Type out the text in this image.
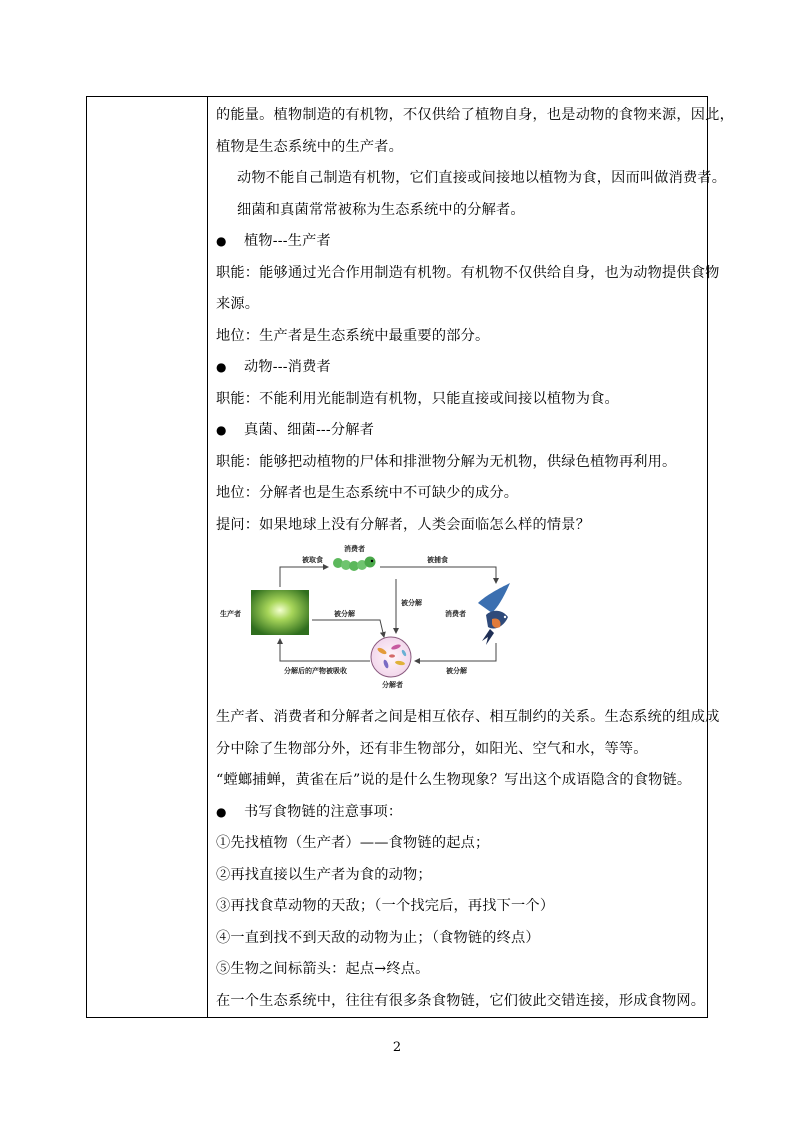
的能量。植物制造的有机物，不仅供给了植物自身，也是动物的食物来源，因此，
植物是生态系统中的生产者。
动物不能自己制造有机物，它们直接或间接地以植物为食，因而叫做消费者。
细菌和真菌常常被称为生态系统中的分解者。
● 植物---生产者
职能：能够通过光合作用制造有机物。有机物不仅供给自身，也为动物提供食物
来源。
地位：生产者是生态系统中最重要的部分。
● 动物---消费者
职能：不能利用光能制造有机物，只能直接或间接以植物为食。
● 真菌、细菌---分解者
职能：能够把动植物的尸体和排泄物分解为无机物，供绿色植物再利用。
地位：分解者也是生态系统中不可缺少的成分。
提问：如果地球上没有分解者，人类会面临怎么样的情景？
生产者
消费者
消费者
分解者
被取食	被捕食
被分解
被分解
被分解
分解后的产物被吸收
生产者、消费者和分解者之间是相互依存、相互制约的关系。生态系统的组成成
分中除了生物部分外，还有非生物部分，如阳光、空气和水，等等。
“螳螂捕蝉，黄雀在后”说的是什么生物现象？写出这个成语隐含的食物链。
● 书写食物链的注意事项：
①先找植物（生产者）——食物链的起点；
②再找直接以生产者为食的动物；
③再找食草动物的天敌；（一个找完后，再找下一个）
④一直到找不到天敌的动物为止；（食物链的终点）
⑤生物之间标箭头：起点→终点。
在一个生态系统中，往往有很多条食物链，它们彼此交错连接，形成食物网。
2
